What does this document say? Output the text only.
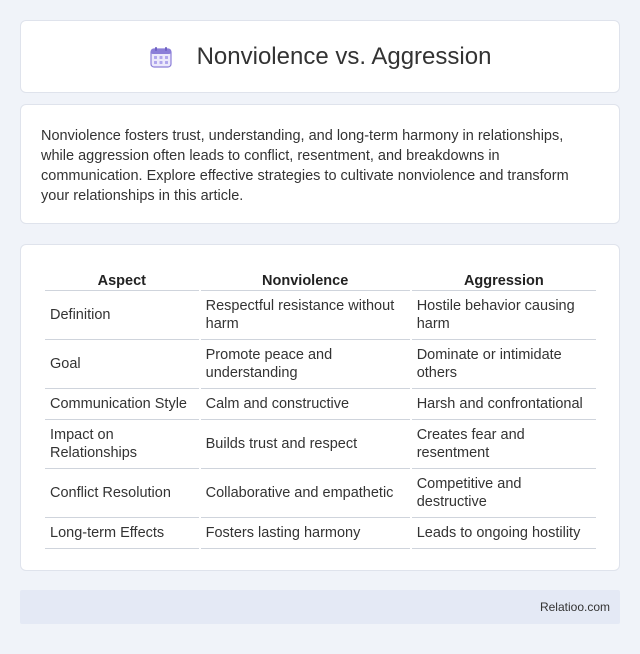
Nonviolence vs. Aggression

Nonviolence fosters trust, understanding, and long-term harmony in relationships, while aggression often leads to conflict, resentment, and breakdowns in communication. Explore effective strategies to cultivate nonviolence and transform your relationships in this article.

Aspect	Nonviolence	Aggression
Definition	Respectful resistance without harm	Hostile behavior causing harm
Goal	Promote peace and understanding	Dominate or intimidate others
Communication Style	Calm and constructive	Harsh and confrontational
Impact on Relationships	Builds trust and respect	Creates fear and resentment
Conflict Resolution	Collaborative and empathetic	Competitive and destructive
Long-term Effects	Fosters lasting harmony	Leads to ongoing hostility
Relatioo.com
